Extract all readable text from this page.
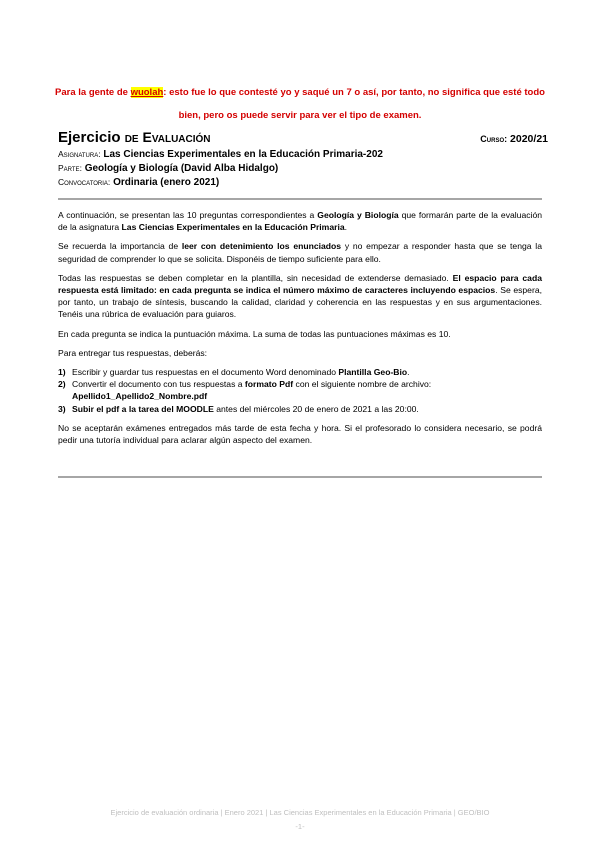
Para la gente de wuolah: esto fue lo que contesté yo y saqué un 7 o así, por tanto, no significa que esté todo
bien, pero os puede servir para ver el tipo de examen.
Ejercicio de Evaluación	Curso: 2020/21
Asignatura: Las Ciencias Experimentales en la Educación Primaria-202
Parte: Geología y Biología (David Alba Hidalgo)
Convocatoria: Ordinaria (enero 2021)

A continuación, se presentan las 10 preguntas correspondientes a Geología y Biología que formarán parte de la evaluación de la asignatura Las Ciencias Experimentales en la Educación Primaria.

Se recuerda la importancia de leer con detenimiento los enunciados y no empezar a responder hasta que se tenga la seguridad de comprender lo que se solicita. Disponéis de tiempo suficiente para ello.

Todas las respuestas se deben completar en la plantilla, sin necesidad de extenderse demasiado. El espacio para cada respuesta está limitado: en cada pregunta se indica el número máximo de caracteres incluyendo espacios. Se espera, por tanto, un trabajo de síntesis, buscando la calidad, claridad y coherencia en las respuestas y en sus argumentaciones. Tenéis una rúbrica de evaluación para guiaros.

En cada pregunta se indica la puntuación máxima. La suma de todas las puntuaciones máximas es 10.

Para entregar tus respuestas, deberás:

1) Escribir y guardar tus respuestas en el documento Word denominado Plantilla Geo-Bio.
2) Convertir el documento con tus respuestas a formato Pdf con el siguiente nombre de archivo:
Apellido1_Apellido2_Nombre.pdf
3) Subir el pdf a la tarea del MOODLE antes del miércoles 20 de enero de 2021 a las 20:00.

No se aceptarán exámenes entregados más tarde de esta fecha y hora. Si el profesorado lo considera necesario, se podrá pedir una tutoría individual para aclarar algún aspecto del examen.

Ejercicio de evaluación ordinaria | Enero 2021 | Las Ciencias Experimentales en la Educación Primaria | GEO/BIO
-1-
